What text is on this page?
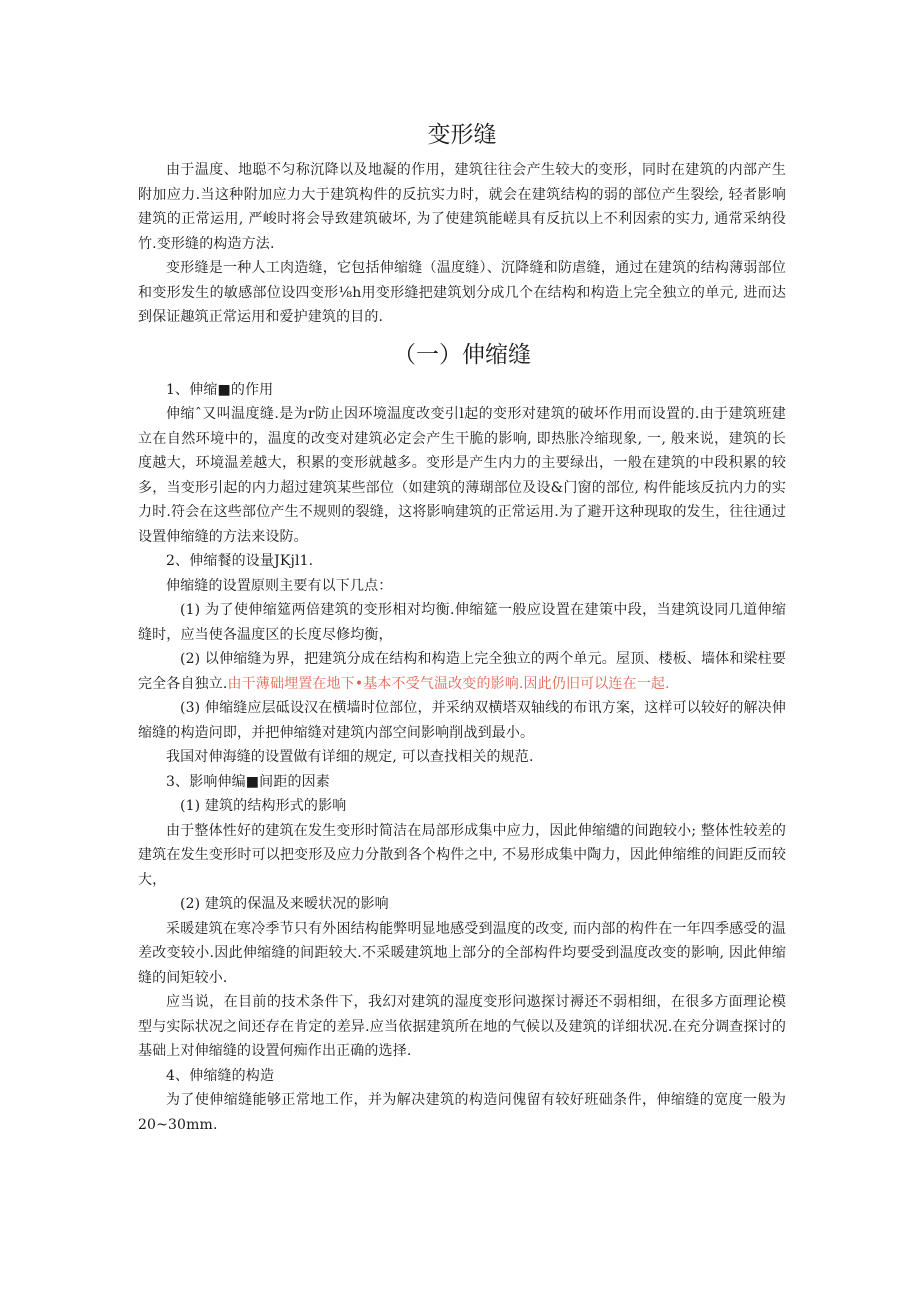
变形缝

由于温度、地聪不匀称沉降以及地凝的作用，建筑往往会产生较大的变形，同时在建筑的内部产生附加应力.当这种附加应力大于建筑构件的反抗实力时，就会在建筑结构的弱的部位产生裂绘, 轻者影响建筑的正常运用, 严峻时将会导致建筑破坏, 为了使建筑能嵯具有反抗以上不利因索的实力, 通常采纳役竹.变形缝的构造方法.

变形缝是一种人工肉造缝，它包括伸缩缝（温度缝）、沉降缝和防虐缝，通过在建筑的结构薄弱部位和变形发生的敏感部位设四变形⅛h用变形缝把建筑划分成几个在结构和构造上完全独立的单元, 进而达到保证趣筑正常运用和爱护建筑的目的.

（一）伸缩缝

1、伸缩■的作用

伸缩ˆ又叫温度缝.是为r防止因环境温度改变引l起的变形对建筑的破坏作用而设置的.由于建筑班建立在自然环境中的，温度的改变对建筑必定会产生干脆的影响, 即热胀冷缩现象, 一, 般来说，建筑的长度越大，环境温差越大，积累的变形就越多。变形是产生内力的主要绿出，一般在建筑的中段积累的较多，当变形引起的内力超过建筑某些部位（如建筑的薄瑚部位及设&门窗的部位, 构件能垓反抗内力的实力时.符会在这些部位产生不规则的裂缝，这将影响建筑的正常运用.为了避开这种现取的发生，往往通过设置伸缩缝的方法来设防。

2、伸缩餐的设量JKjl1.

伸缩缝的设置原则主要有以下几点：

(1) 为了使伸缩筵两倍建筑的变形相对均衡.伸缩筵一般应设置在建策中段，当建筑设同几道伸缩缝时，应当使各温度区的长度尽修均衡，

(2) 以伸缩缝为界，把建筑分成在结构和构造上完全独立的两个单元。屋顶、楼板、墙体和梁柱要完全各自独立.由干薄础埋置在地下•基本不受气温改变的影响.因此仍旧可以连在一起.

(3) 伸缩缝应层砥设汉在横墙时位部位，并采纳双横塔双轴线的布讯方案，这样可以较好的解决伸缩缝的构造问即，并把伸缩缝对建筑内部空间影响削战到最小。

我国对伸海缝的设置做有详细的规定, 可以查找相关的规范.

3、影响伸编■间距的因素

(1) 建筑的结构形式的影响

由于整体性好的建筑在发生变形时简洁在局部形成集中应力，因此伸缩缱的间跑较小; 整体性较差的建筑在发生变形时可以把变形及应力分散到各个构件之中, 不易形成集中陶力，因此伸缩维的间距反而较大，

(2) 建筑的保温及来暧状况的影响

采暖建筑在寒冷季节只有外困结构能弊明显地感受到温度的改变, 而内部的构件在一年四季感受的温差改变较小.因此伸缩缝的间距较大.不采暖建筑地上部分的全部构件均要受到温度改变的影响, 因此伸缩缝的间矩较小.

应当说，在目前的技术条件下，我幻对建筑的湿度变形问遨探讨褥还不弱相细，在很多方面理论模型与实际状况之间还存在肯定的差异.应当依据建筑所在地的气候以及建筑的详细状况.在充分调查探讨的基础上对伸缩缝的设置何痴作出正确的选择.

4、伸缩缝的构造

为了使伸缩缝能够正常地工作，并为解决建筑的构造问傀留有较好班础条件，伸缩缝的宽度一般为20~30mm.
